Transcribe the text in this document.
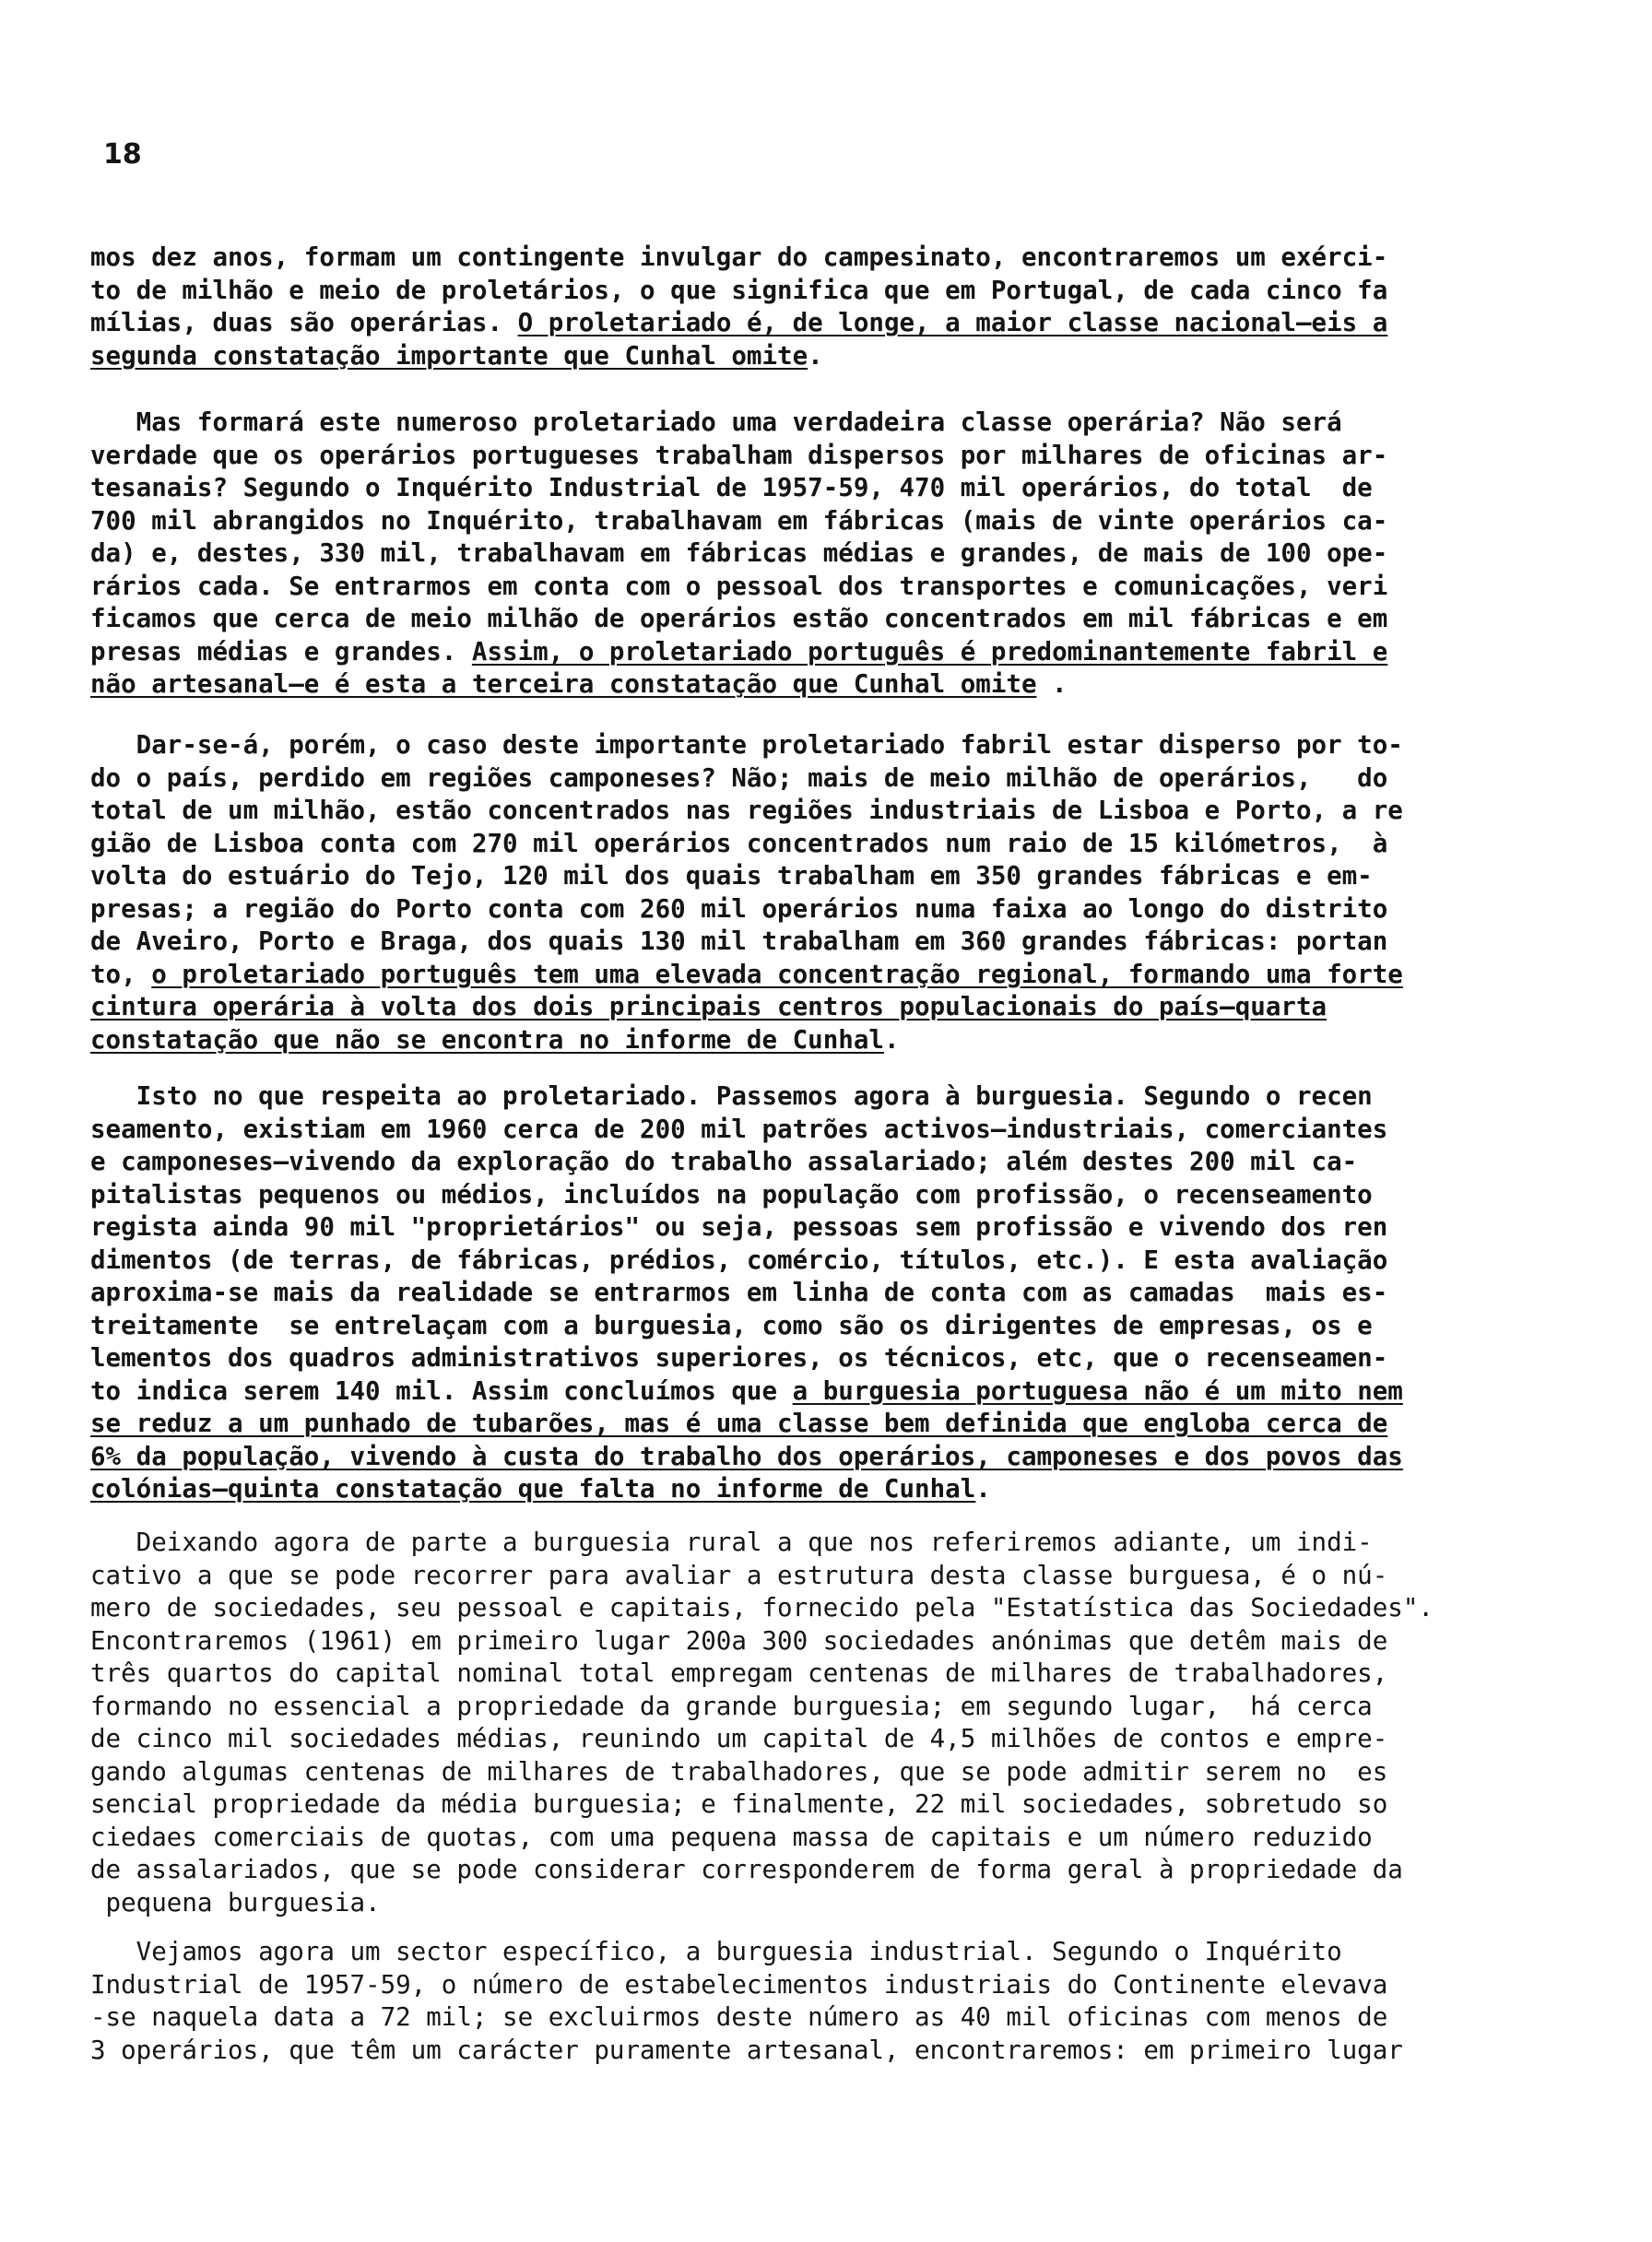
18
mos dez anos, formam um contingente invulgar do campesinato, encontraremos um exérci-
to de milhão e meio de proletários, o que significa que em Portugal, de cada cinco fa
mílias, duas são operárias. O proletariado é, de longe, a maior classe nacional—eis a
segunda constatação importante que Cunhal omite.
Mas formará este numeroso proletariado uma verdadeira classe operária? Não será
verdade que os operários portugueses trabalham dispersos por milhares de oficinas ar-
tesanais? Segundo o Inquérito Industrial de 1957-59, 470 mil operários, do total  de
700 mil abrangidos no Inquérito, trabalhavam em fábricas (mais de vinte operários ca-
da) e, destes, 330 mil, trabalhavam em fábricas médias e grandes, de mais de 100 ope-
rários cada. Se entrarmos em conta com o pessoal dos transportes e comunicações, veri
ficamos que cerca de meio milhão de operários estão concentrados em mil fábricas e em
presas médias e grandes. Assim, o proletariado português é predominantemente fabril e
não artesanal—e é esta a terceira constatação que Cunhal omite .
Dar-se-á, porém, o caso deste importante proletariado fabril estar disperso por to-
do o país, perdido em regiões camponeses? Não; mais de meio milhão de operários,   do
total de um milhão, estão concentrados nas regiões industriais de Lisboa e Porto, a re
gião de Lisboa conta com 270 mil operários concentrados num raio de 15 kilómetros,  à
volta do estuário do Tejo, 120 mil dos quais trabalham em 350 grandes fábricas e em-
presas; a região do Porto conta com 260 mil operários numa faixa ao longo do distrito
de Aveiro, Porto e Braga, dos quais 130 mil trabalham em 360 grandes fábricas: portan
to, o proletariado português tem uma elevada concentração regional, formando uma forte
cintura operária à volta dos dois principais centros populacionais do país—quarta
constatação que não se encontra no informe de Cunhal.
Isto no que respeita ao proletariado. Passemos agora à burguesia. Segundo o recen
seamento, existiam em 1960 cerca de 200 mil patrões activos—industriais, comerciantes
e camponeses—vivendo da exploração do trabalho assalariado; além destes 200 mil ca-
pitalistas pequenos ou médios, incluídos na população com profissão, o recenseamento
regista ainda 90 mil "proprietários" ou seja, pessoas sem profissão e vivendo dos ren
dimentos (de terras, de fábricas, prédios, comércio, títulos, etc.). E esta avaliação
aproxima-se mais da realidade se entrarmos em linha de conta com as camadas  mais es-
treitamente  se entrelaçam com a burguesia, como são os dirigentes de empresas, os e
lementos dos quadros administrativos superiores, os técnicos, etc, que o recenseamen-
to indica serem 140 mil. Assim concluímos que a burguesia portuguesa não é um mito nem
se reduz a um punhado de tubarões, mas é uma classe bem definida que engloba cerca de
6% da população, vivendo à custa do trabalho dos operários, camponeses e dos povos das
colónias—quinta constatação que falta no informe de Cunhal.
Deixando agora de parte a burguesia rural a que nos referiremos adiante, um indi-
cativo a que se pode recorrer para avaliar a estrutura desta classe burguesa, é o nú-
mero de sociedades, seu pessoal e capitais, fornecido pela "Estatística das Sociedades".
Encontraremos (1961) em primeiro lugar 200a 300 sociedades anónimas que detêm mais de
três quartos do capital nominal total empregam centenas de milhares de trabalhadores,
formando no essencial a propriedade da grande burguesia; em segundo lugar,  há cerca
de cinco mil sociedades médias, reunindo um capital de 4,5 milhões de contos e empre-
gando algumas centenas de milhares de trabalhadores, que se pode admitir serem no  es
sencial propriedade da média burguesia; e finalmente, 22 mil sociedades, sobretudo so
ciedaes comerciais de quotas, com uma pequena massa de capitais e um número reduzido
de assalariados, que se pode considerar corresponderem de forma geral à propriedade da
pequena burguesia.
Vejamos agora um sector específico, a burguesia industrial. Segundo o Inquérito
Industrial de 1957-59, o número de estabelecimentos industriais do Continente elevava
-se naquela data a 72 mil; se excluirmos deste número as 40 mil oficinas com menos de
3 operários, que têm um carácter puramente artesanal, encontraremos: em primeiro lugar
